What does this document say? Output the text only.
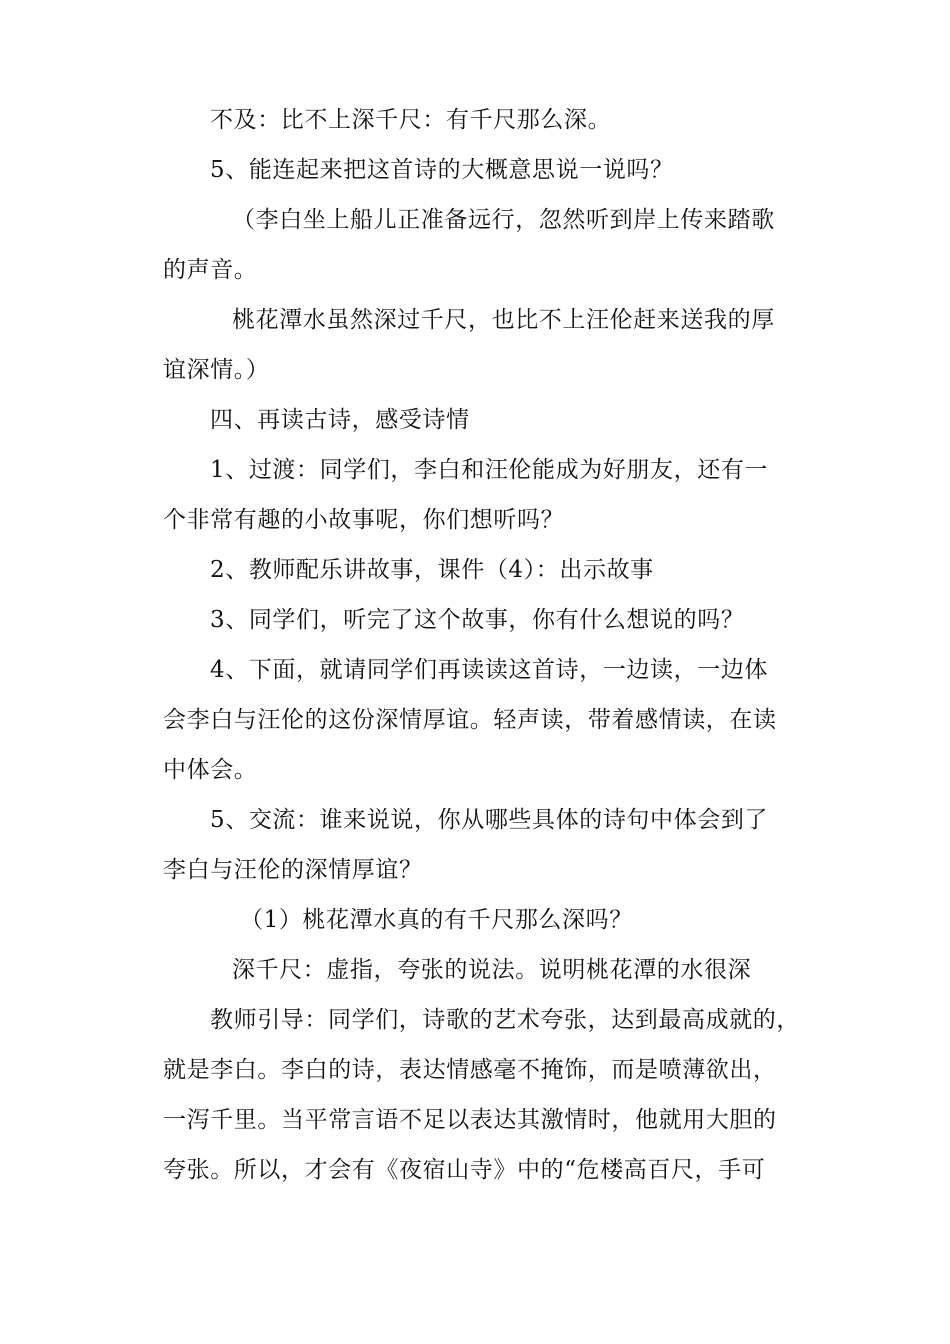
不及：比不上深千尺：有千尺那么深。
5、能连起来把这首诗的大概意思说一说吗？
（李白坐上船儿正准备远行，忽然听到岸上传来踏歌
的声音。
桃花潭水虽然深过千尺，也比不上汪伦赶来送我的厚
谊深情。）
四、再读古诗，感受诗情
1、过渡：同学们，李白和汪伦能成为好朋友，还有一
个非常有趣的小故事呢，你们想听吗？
2、教师配乐讲故事，课件（4）：出示故事
3、同学们，听完了这个故事，你有什么想说的吗？
4、下面，就请同学们再读读这首诗，一边读，一边体
会李白与汪伦的这份深情厚谊。轻声读，带着感情读，在读
中体会。
5、交流：谁来说说，你从哪些具体的诗句中体会到了
李白与汪伦的深情厚谊？
（1）桃花潭水真的有千尺那么深吗？
深千尺：虚指，夸张的说法。说明桃花潭的水很深
教师引导：同学们，诗歌的艺术夸张，达到最高成就的，
就是李白。李白的诗，表达情感毫不掩饰，而是喷薄欲出，
一泻千里。当平常言语不足以表达其激情时，他就用大胆的
夸张。所以，才会有《夜宿山寺》中的“危楼高百尺，手可
